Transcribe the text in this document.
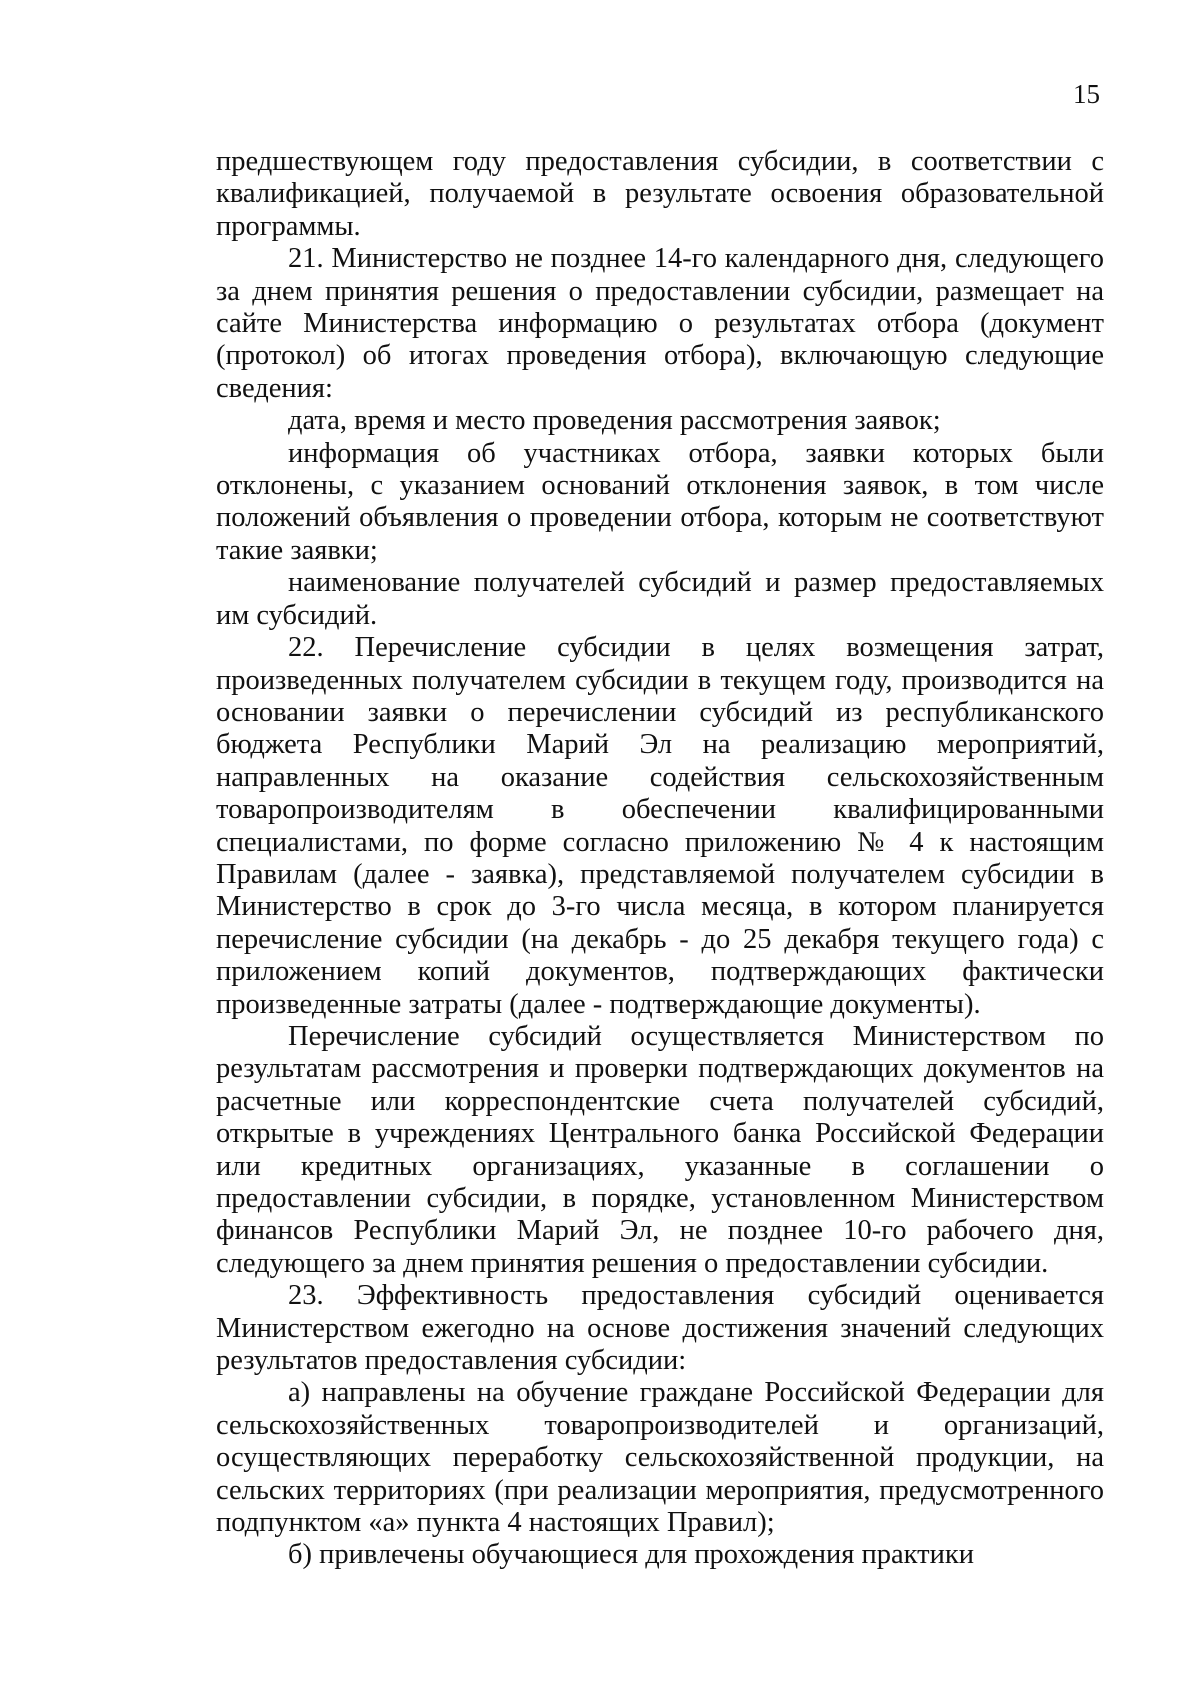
15

предшествующем году предоставления субсидии, в соответствии с квалификацией, получаемой в результате освоения образовательной программы.

21. Министерство не позднее 14-го календарного дня, следующего за днем принятия решения о предоставлении субсидии, размещает на сайте Министерства информацию о результатах отбора (документ (протокол) об итогах проведения отбора), включающую следующие сведения:

дата, время и место проведения рассмотрения заявок;

информация об участниках отбора, заявки которых были отклонены, с указанием оснований отклонения заявок, в том числе положений объявления о проведении отбора, которым не соответствуют такие заявки;

наименование получателей субсидий и размер предоставляемых им субсидий.

22. Перечисление субсидии в целях возмещения затрат, произведенных получателем субсидии в текущем году, производится на основании заявки о перечислении субсидий из республиканского бюджета Республики Марий Эл на реализацию мероприятий, направленных на оказание содействия сельскохозяйственным товаропроизводителям в обеспечении квалифицированными специалистами, по форме согласно приложению № 4 к настоящим Правилам (далее - заявка), представляемой получателем субсидии в Министерство в срок до 3-го числа месяца, в котором планируется перечисление субсидии (на декабрь - до 25 декабря текущего года) с приложением копий документов, подтверждающих фактически произведенные затраты (далее - подтверждающие документы).

Перечисление субсидий осуществляется Министерством по результатам рассмотрения и проверки подтверждающих документов на расчетные или корреспондентские счета получателей субсидий, открытые в учреждениях Центрального банка Российской Федерации или кредитных организациях, указанные в соглашении о предоставлении субсидии, в порядке, установленном Министерством финансов Республики Марий Эл, не позднее 10-го рабочего дня, следующего за днем принятия решения о предоставлении субсидии.

23. Эффективность предоставления субсидий оценивается Министерством ежегодно на основе достижения значений следующих результатов предоставления субсидии:

а) направлены на обучение граждане Российской Федерации для сельскохозяйственных товаропроизводителей и организаций, осуществляющих переработку сельскохозяйственной продукции, на сельских территориях (при реализации мероприятия, предусмотренного подпунктом «а» пункта 4 настоящих Правил);

б) привлечены обучающиеся для прохождения практики
